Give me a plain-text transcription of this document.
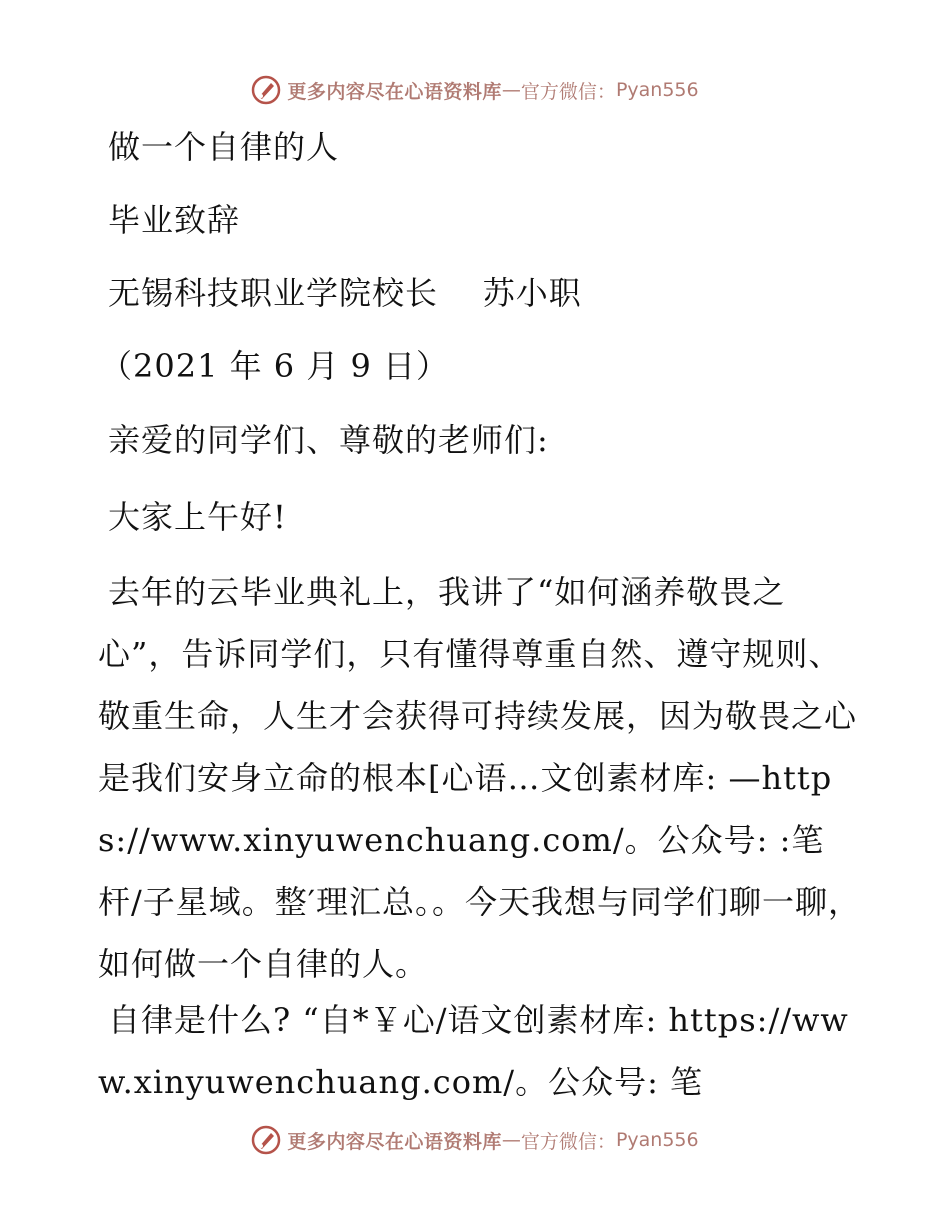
更多内容尽在心语资料库 — 官方微信： Pyan556
做一个自律的人
毕业致辞
无锡科技职业学院校长    苏小职
（2021 年 6 月 9 日）
亲爱的同学们、尊敬的老师们:
大家上午好!
去年的云毕业典礼上，我讲了“如何涵养敬畏之心”，告诉同学们，只有懂得尊重自然、遵守规则、敬重生命，人生才会获得可持续发展，因为敬畏之心是我们安身立命的根本[心语…文创素材库: —https://www.xinyuwenchuang.com/。公众号: :笔杆/子星域。整′理汇总。。今天我想与同学们聊一聊，如何做一个自律的人。
自律是什么? “自*￥心/语文创素材库: https://www.xinyuwenchuang.com/。公众号: 笔
更多内容尽在心语资料库 — 官方微信： Pyan556
